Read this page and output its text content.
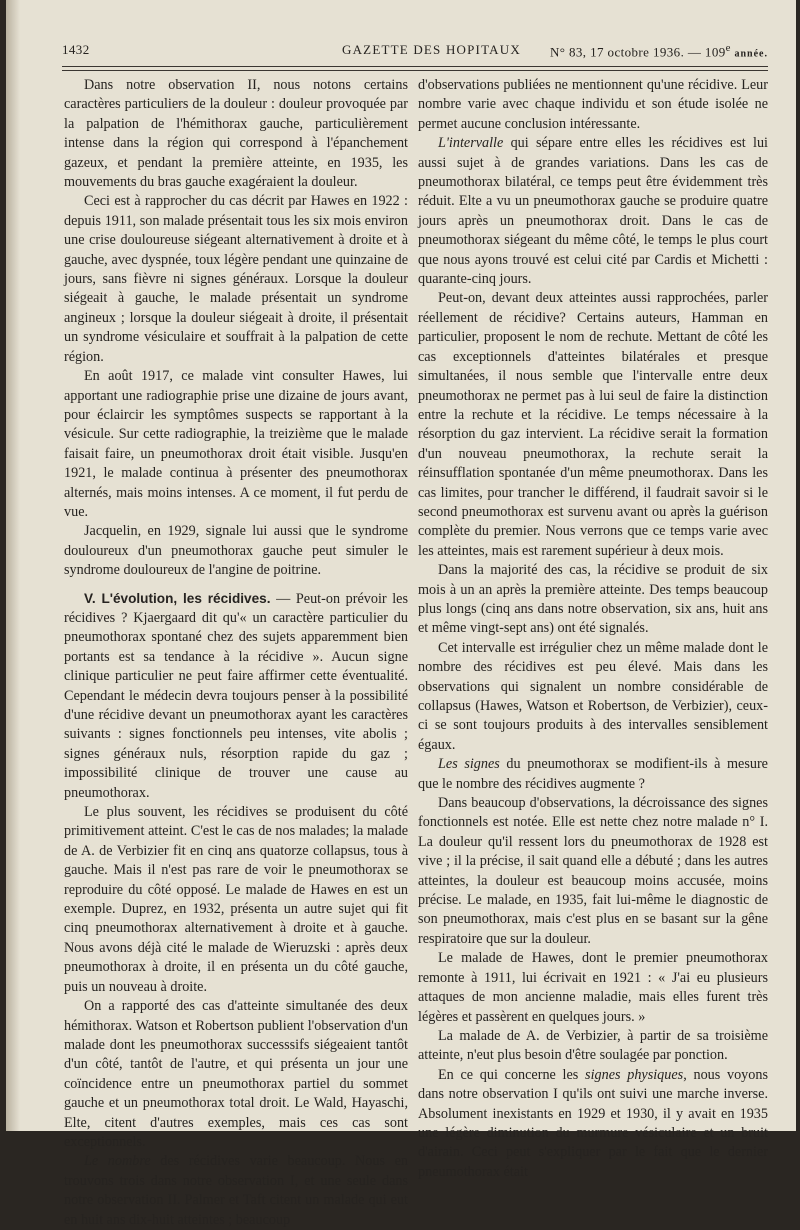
1432	GAZETTE DES HOPITAUX N° 83, 17 octobre 1936. — 109e année.

Dans notre observation II, nous notons certains caractères particuliers de la douleur : douleur provoquée par la palpation de l'hémithorax gauche, particulièrement intense dans la région qui correspond à l'épanchement gazeux, et pendant la première atteinte, en 1935, les mouvements du bras gauche exagéraient la douleur.

Ceci est à rapprocher du cas décrit par Hawes en 1922 : depuis 1911, son malade présentait tous les six mois environ une crise douloureuse siégeant alternativement à droite et à gauche, avec dyspnée, toux légère pendant une quinzaine de jours, sans fièvre ni signes généraux. Lorsque la douleur siégeait à gauche, le malade présentait un syndrome angineux ; lorsque la douleur siégeait à droite, il présentait un syndrome vésiculaire et souffrait à la palpation de cette région.

En août 1917, ce malade vint consulter Hawes, lui apportant une radiographie prise une dizaine de jours avant, pour éclaircir les symptômes suspects se rapportant à la vésicule. Sur cette radiographie, la treizième que le malade faisait faire, un pneumothorax droit était visible. Jusqu'en 1921, le malade continua à présenter des pneumothorax alternés, mais moins intenses. A ce moment, il fut perdu de vue.

Jacquelin, en 1929, signale lui aussi que le syndrome douloureux d'un pneumothorax gauche peut simuler le syndrome douloureux de l'angine de poitrine.

V. L'évolution, les récidives. — Peut-on prévoir les récidives ? Kjaergaard dit qu'« un caractère particulier du pneumothorax spontané chez des sujets apparemment bien portants est sa tendance à la récidive ». Aucun signe clinique particulier ne peut faire affirmer cette éventualité. Cependant le médecin devra toujours penser à la possibilité d'une récidive devant un pneumothorax ayant les caractères suivants : signes fonctionnels peu intenses, vite abolis ; signes généraux nuls, résorption rapide du gaz ; impossibilité clinique de trouver une cause au pneumothorax.

Le plus souvent, les récidives se produisent du côté primitivement atteint. C'est le cas de nos malades; la malade de A. de Verbizier fit en cinq ans quatorze collapsus, tous à gauche. Mais il n'est pas rare de voir le pneumothorax se reproduire du côté opposé. Le malade de Hawes en est un exemple. Duprez, en 1932, présenta un autre sujet qui fit cinq pneumothorax alternativement à droite et à gauche. Nous avons déjà cité le malade de Wieruzski : après deux pneumothorax à droite, il en présenta un du côté gauche, puis un nouveau à droite.

On a rapporté des cas d'atteinte simultanée des deux hémithorax. Watson et Robertson publient l'observation d'un malade dont les pneumothorax successsifs siégeaient tantôt d'un côté, tantôt de l'autre, et qui présenta un jour une coïncidence entre un pneumothorax partiel du sommet gauche et un pneumothorax total droit. Le Wald, Hayaschi, Elte, citent d'autres exemples, mais ces cas sont exceptionnels.

Le nombre des récidives varie beaucoup. Nous en trouvons trois dans notre observation I, et une seule dans notre observation II. Palmer et Taft citent un malade qui eut en huit ans dix-huit atteintes ; beaucoup

d'observations publiées ne mentionnent qu'une récidive. Leur nombre varie avec chaque individu et son étude isolée ne permet aucune conclusion intéressante.

L'intervalle qui sépare entre elles les récidives est lui aussi sujet à de grandes variations. Dans les cas de pneumothorax bilatéral, ce temps peut être évidemment très réduit. Elte a vu un pneumothorax gauche se produire quatre jours après un pneumothorax droit. Dans le cas de pneumothorax siégeant du même côté, le temps le plus court que nous ayons trouvé est celui cité par Cardis et Michetti : quarante-cinq jours.

Peut-on, devant deux atteintes aussi rapprochées, parler réellement de récidive? Certains auteurs, Hamman en particulier, proposent le nom de rechute. Mettant de côté les cas exceptionnels d'atteintes bilatérales et presque simultanées, il nous semble que l'intervalle entre deux pneumothorax ne permet pas à lui seul de faire la distinction entre la rechute et la récidive. Le temps nécessaire à la résorption du gaz intervient. La récidive serait la formation d'un nouveau pneumothorax, la rechute serait la réinsufflation spontanée d'un même pneumothorax. Dans les cas limites, pour trancher le différend, il faudrait savoir si le second pneumothorax est survenu avant ou après la guérison complète du premier. Nous verrons que ce temps varie avec les atteintes, mais est rarement supérieur à deux mois.

Dans la majorité des cas, la récidive se produit de six mois à un an après la première atteinte. Des temps beaucoup plus longs (cinq ans dans notre observation, six ans, huit ans et même vingt-sept ans) ont été signalés.

Cet intervalle est irrégulier chez un même malade dont le nombre des récidives est peu élevé. Mais dans les observations qui signalent un nombre considérable de collapsus (Hawes, Watson et Robertson, de Verbizier), ceux-ci se sont toujours produits à des intervalles sensiblement égaux.

Les signes du pneumothorax se modifient-ils à mesure que le nombre des récidives augmente ?

Dans beaucoup d'observations, la décroissance des signes fonctionnels est notée. Elle est nette chez notre malade n° I. La douleur qu'il ressent lors du pneumothorax de 1928 est vive ; il la précise, il sait quand elle a débuté ; dans les autres atteintes, la douleur est beaucoup moins accusée, moins précise. Le malade, en 1935, fait lui-même le diagnostic de son pneumothorax, mais c'est plus en se basant sur la gêne respiratoire que sur la douleur.

Le malade de Hawes, dont le premier pneumothorax remonte à 1911, lui écrivait en 1921 : « J'ai eu plusieurs attaques de mon ancienne maladie, mais elles furent très légères et passèrent en quelques jours. »

La malade de A. de Verbizier, à partir de sa troisième atteinte, n'eut plus besoin d'être soulagée par ponction.

En ce qui concerne les signes physiques, nous voyons dans notre observation I qu'ils ont suivi une marche inverse. Absolument inexistants en 1929 et 1930, il y avait en 1935 une légère diminution du murmure vésiculaire et un bruit d'airain. Ceci peut s'expliquer par le fait que le dernier pneumothorax était
